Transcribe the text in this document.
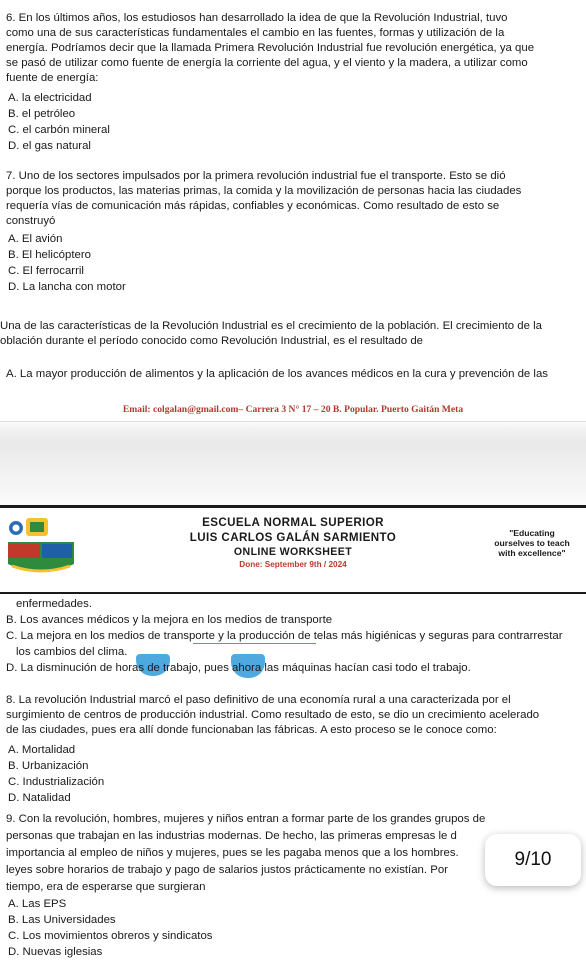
6. En los últimos años, los estudiosos han desarrollado la idea de que la Revolución Industrial, tuvo
como una de sus características fundamentales el cambio en las fuentes, formas y utilización de la
energía. Podríamos decir que la llamada Primera Revolución Industrial fue revolución energética, ya que
se pasó de utilizar como fuente de energía la corriente del agua, y el viento y la madera, a utilizar como
fuente de energía:
A. la electricidad
B. el petróleo
C. el carbón mineral
D. el gas natural
7. Uno de los sectores impulsados por la primera revolución industrial fue el transporte. Esto se dió
porque los productos, las materias primas, la comida y la movilización de personas hacia las ciudades
requería vías de comunicación más rápidas, confiables y económicas. Como resultado de esto se
construyó
A. El avión
B. El helicóptero
C. El ferrocarril
D. La lancha con motor
Una de las características de la Revolución Industrial es el crecimiento de la población. El crecimiento de la
oblación durante el período conocido como Revolución Industrial, es el resultado de
A. La mayor producción de alimentos y la aplicación de los avances médicos en la cura y prevención de las
Email: colgalan@gmail.com– Carrera 3 N° 17 – 20 B. Popular. Puerto Gaitán Meta
ESCUELA NORMAL SUPERIOR
LUIS CARLOS GALÁN SARMIENTO
ONLINE WORKSHEET
Done: September 9th / 2024
"Educating
ourselves to teach
with excellence"
enfermedades.
B. Los avances médicos y la mejora en los medios de transporte
C. La mejora en los medios de transporte y la producción de telas más higiénicas y seguras para contrarrestar
los cambios del clima.
D. La disminución de horas de trabajo, pues ahora las máquinas hacían casi todo el trabajo.
8. La revolución Industrial marcó el paso definitivo de una economía rural a una caracterizada por el
surgimiento de centros de producción industrial. Como resultado de esto, se dio un crecimiento acelerado
de las ciudades, pues era allí donde funcionaban las fábricas. A esto proceso se le conoce como:
A. Mortalidad
B. Urbanización
C. Industrialización
D. Natalidad
9. Con la revolución, hombres, mujeres y niños entran a formar parte de los grandes grupos de
personas que trabajan en las industrias modernas. De hecho, las primeras empresas le d
importancia al empleo de niños y mujeres, pues se les pagaba menos que a los hombres.
leyes sobre horarios de trabajo y pago de salarios justos prácticamente no existían. Por
tiempo, era de esperarse que surgieran
A. Las EPS
B. Las Universidades
C. Los movimientos obreros y sindicatos
D. Nuevas iglesias
9/10
